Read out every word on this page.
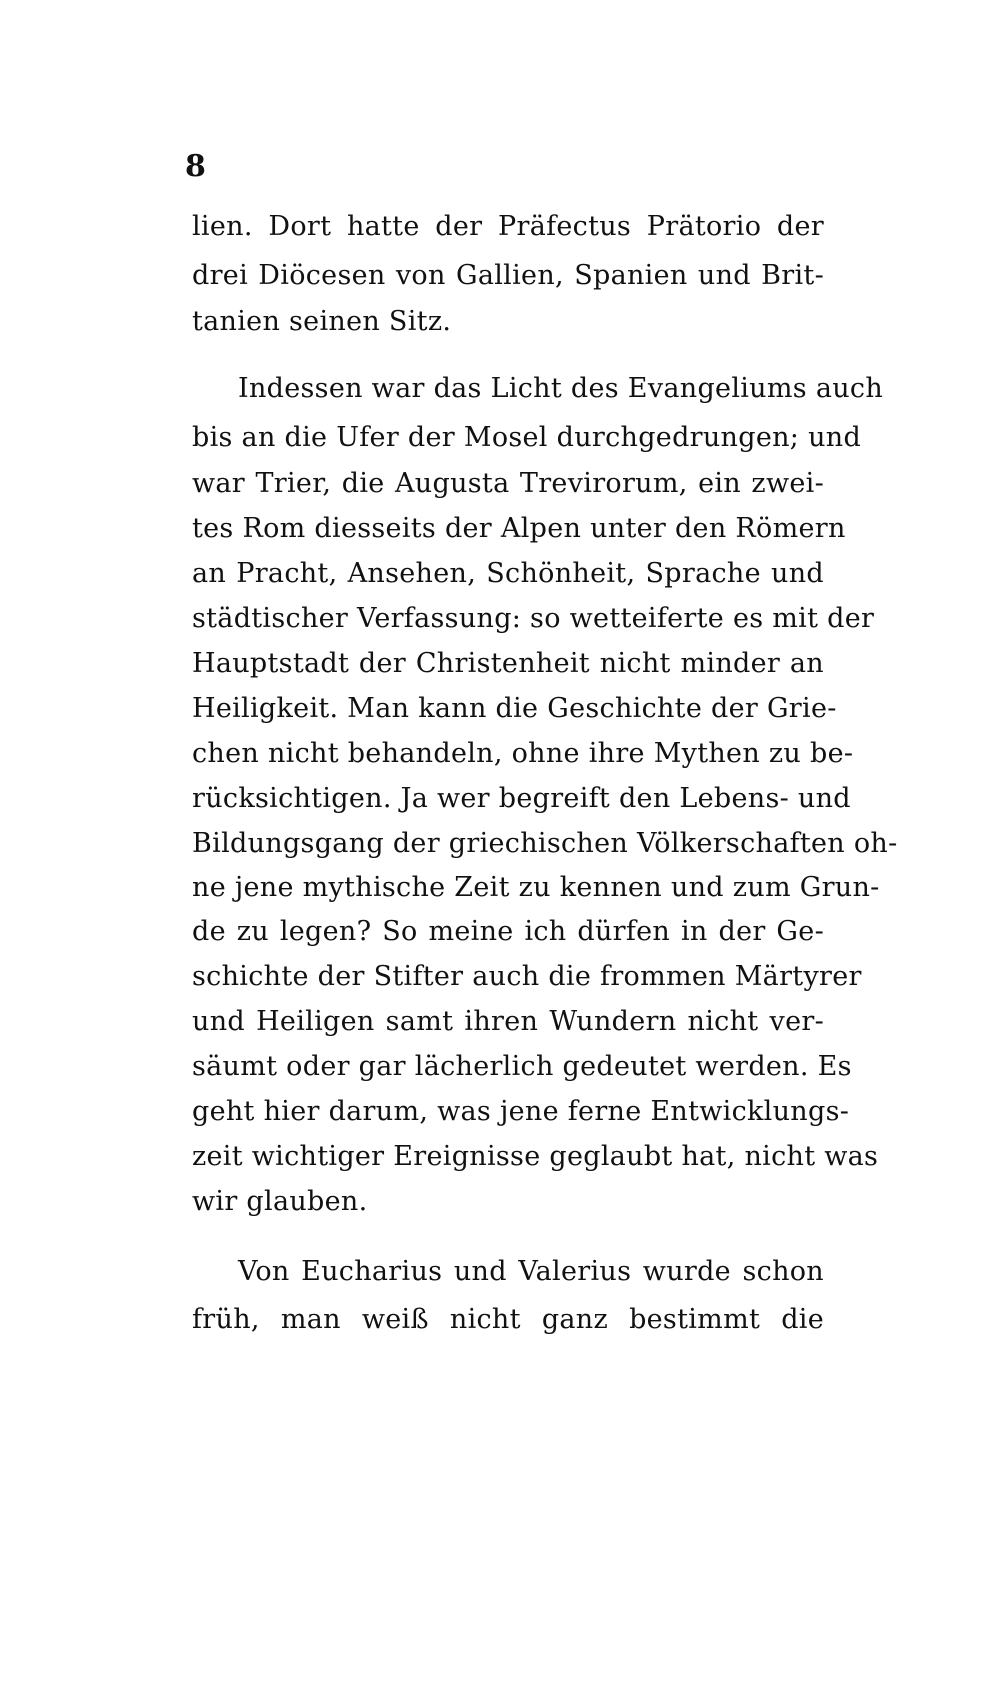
8
lien. Dort hatte der Präfectus Prätorio der
drei Diöcesen von Gallien, Spanien und Brit-
tanien seinen Sitz.
Indessen war das Licht des Evangeliums auch
bis an die Ufer der Mosel durchgedrungen; und
war Trier, die Augusta Trevirorum, ein zwei-
tes Rom diesseits der Alpen unter den Römern
an Pracht, Ansehen, Schönheit, Sprache und
städtischer Verfassung: so wetteiferte es mit der
Hauptstadt der Christenheit nicht minder an
Heiligkeit. Man kann die Geschichte der Grie-
chen nicht behandeln, ohne ihre Mythen zu be-
rücksichtigen. Ja wer begreift den Lebens- und
Bildungsgang der griechischen Völkerschaften oh-
ne jene mythische Zeit zu kennen und zum Grun-
de zu legen? So meine ich dürfen in der Ge-
schichte der Stifter auch die frommen Märtyrer
und Heiligen samt ihren Wundern nicht ver-
säumt oder gar lächerlich gedeutet werden. Es
geht hier darum, was jene ferne Entwicklungs-
zeit wichtiger Ereignisse geglaubt hat, nicht was
wir glauben.
Von Eucharius und Valerius wurde schon
früh, man weiß nicht ganz bestimmt die
